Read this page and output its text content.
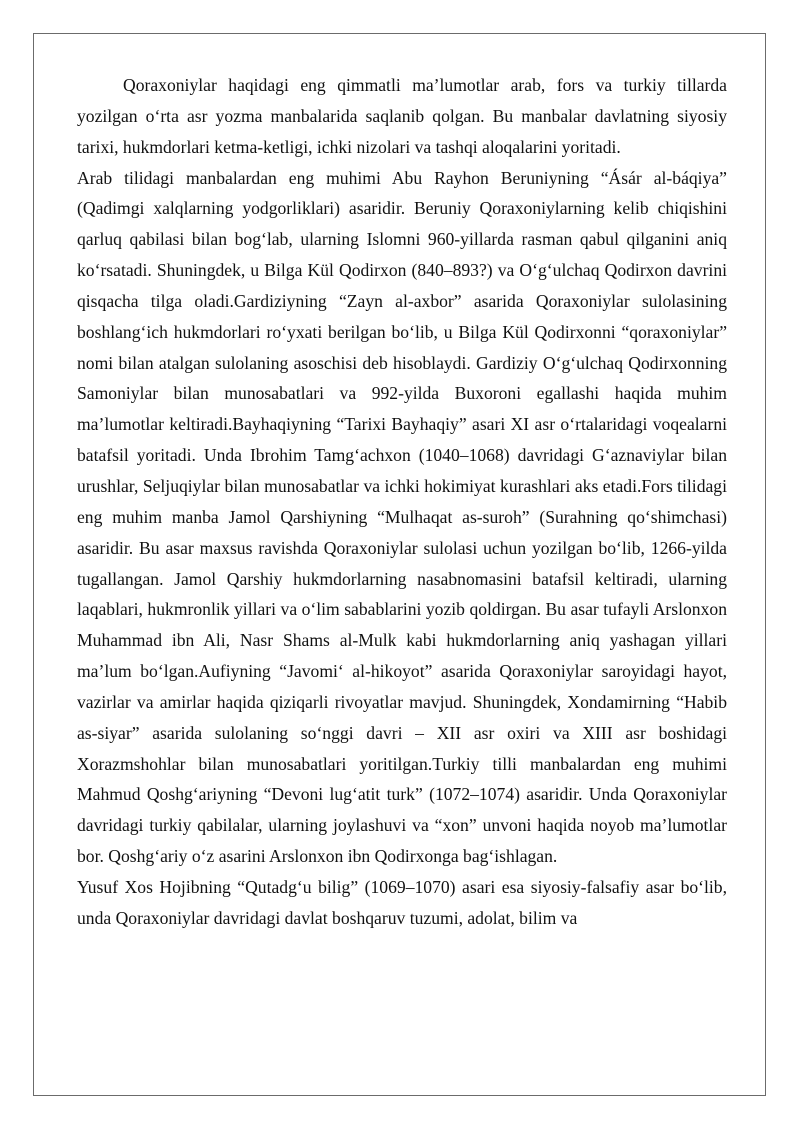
Qoraxoniylar haqidagi eng qimmatli ma’lumotlar arab, fors va turkiy tillarda yozilgan o‘rta asr yozma manbalarida saqlanib qolgan. Bu manbalar davlatning siyosiy tarixi, hukmdorlari ketma-ketligi, ichki nizolari va tashqi aloqalarini yoritadi.

Arab tilidagi manbalardan eng muhimi Abu Rayhon Beruniyning “Ásár al-báqiya” (Qadimgi xalqlarning yodgorliklari) asaridir. Beruniy Qoraxoniylarning kelib chiqishini qarluq qabilasi bilan bog‘lab, ularning Islomni 960-yillarda rasman qabul qilganini aniq ko‘rsatadi. Shuningdek, u Bilga Kül Qodirxon (840–893?) va O‘g‘ulchaq Qodirxon davrini qisqacha tilga oladi.Gardiziyning “Zayn al-axbor” asarida Qoraxoniylar sulolasining boshlang‘ich hukmdorlari ro‘yxati berilgan bo‘lib, u Bilga Kül Qodirxonni “qoraxoniylar” nomi bilan atalgan sulolaning asoschisi deb hisoblaydi. Gardiziy O‘g‘ulchaq Qodirxonning Samoniylar bilan munosabatlari va 992-yilda Buxoroni egallashi haqida muhim ma’lumotlar keltiradi.Bayhaqiyning “Tarixi Bayhaqiy” asari XI asr o‘rtalaridagi voqealarni batafsil yoritadi. Unda Ibrohim Tamg‘achxon (1040–1068) davridagi G‘aznaviylar bilan urushlar, Seljuqiylar bilan munosabatlar va ichki hokimiyat kurashlari aks etadi.Fors tilidagi eng muhim manba Jamol Qarshiyning “Mulhaqat as-suroh” (Surahning qo‘shimchasi) asaridir. Bu asar maxsus ravishda Qoraxoniylar sulolasi uchun yozilgan bo‘lib, 1266-yilda tugallangan. Jamol Qarshiy hukmdorlarning nasabnomasini batafsil keltiradi, ularning laqablari, hukmronlik yillari va o‘lim sabablarini yozib qoldirgan. Bu asar tufayli Arslonxon Muhammad ibn Ali, Nasr Shams al-Mulk kabi hukmdorlarning aniq yashagan yillari ma’lum bo‘lgan.Aufiyning “Javomi‘ al-hikoyot” asarida Qoraxoniylar saroyidagi hayot, vazirlar va amirlar haqida qiziqarli rivoyatlar mavjud. Shuningdek, Xondamirning “Habib as-siyar” asarida sulolaning so‘nggi davri – XII asr oxiri va XIII asr boshidagi Xorazmshohlar bilan munosabatlari yoritilgan.Turkiy tilli manbalardan eng muhimi Mahmud Qoshg‘ariyning “Devoni lug‘atit turk” (1072–1074) asaridir. Unda Qoraxoniylar davridagi turkiy qabilalar, ularning joylashuvi va “xon” unvoni haqida noyob ma’lumotlar bor. Qoshg‘ariy o‘z asarini Arslonxon ibn Qodirxonga bag‘ishlagan.

Yusuf Xos Hojibning “Qutadg‘u bilig” (1069–1070) asari esa siyosiy-falsafiy asar bo‘lib, unda Qoraxoniylar davridagi davlat boshqaruv tuzumi, adolat, bilim va
